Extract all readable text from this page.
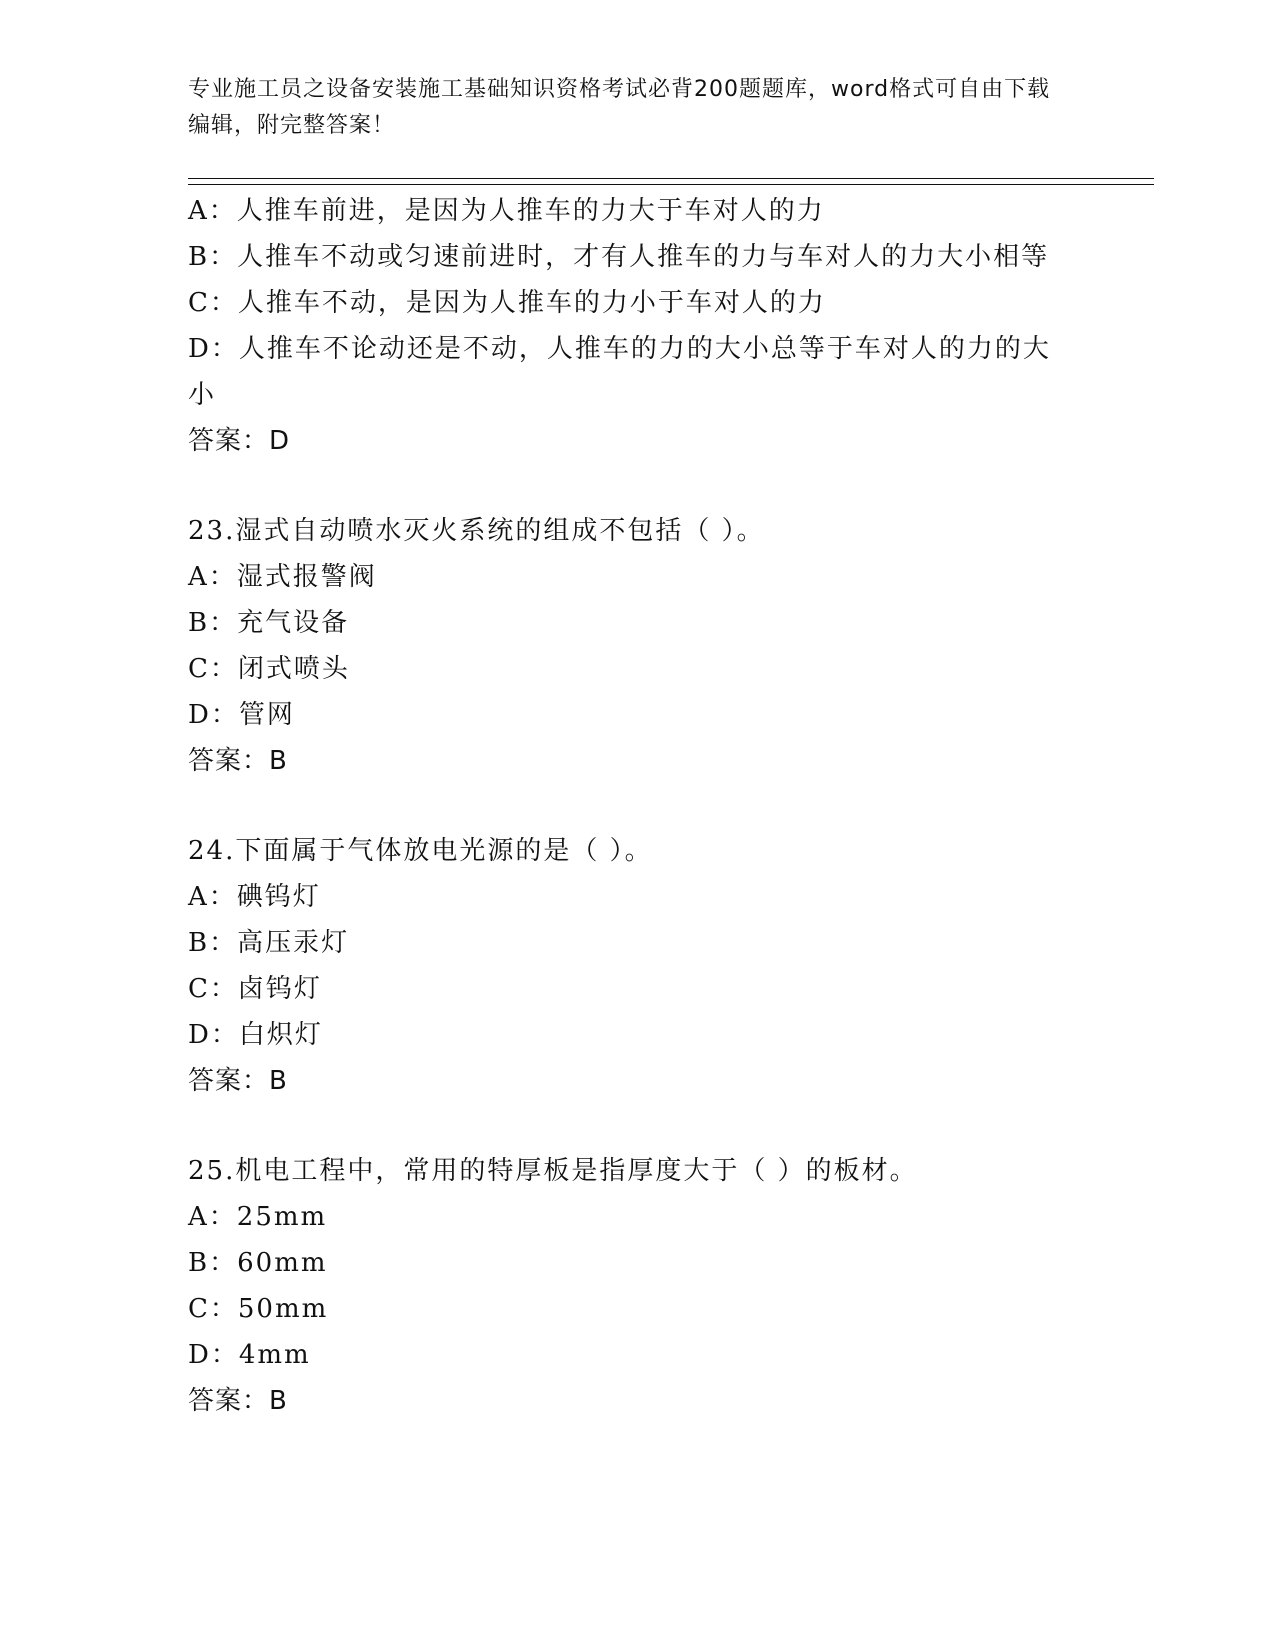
专业施工员之设备安装施工基础知识资格考试必背200题题库，word格式可自由下载编辑，附完整答案！
A：人推车前进，是因为人推车的力大于车对人的力
B：人推车不动或匀速前进时，才有人推车的力与车对人的力大小相等
C：人推车不动，是因为人推车的力小于车对人的力
D：人推车不论动还是不动，人推车的力的大小总等于车对人的力的大小
答案：D
23.湿式自动喷水灭火系统的组成不包括（ ）。
A：湿式报警阀
B：充气设备
C：闭式喷头
D：管网
答案：B
24.下面属于气体放电光源的是（ ）。
A：碘钨灯
B：高压汞灯
C：卤钨灯
D：白炽灯
答案：B
25.机电工程中，常用的特厚板是指厚度大于（ ）的板材。
A：25mm
B：60mm
C：50mm
D：4mm
答案：B
